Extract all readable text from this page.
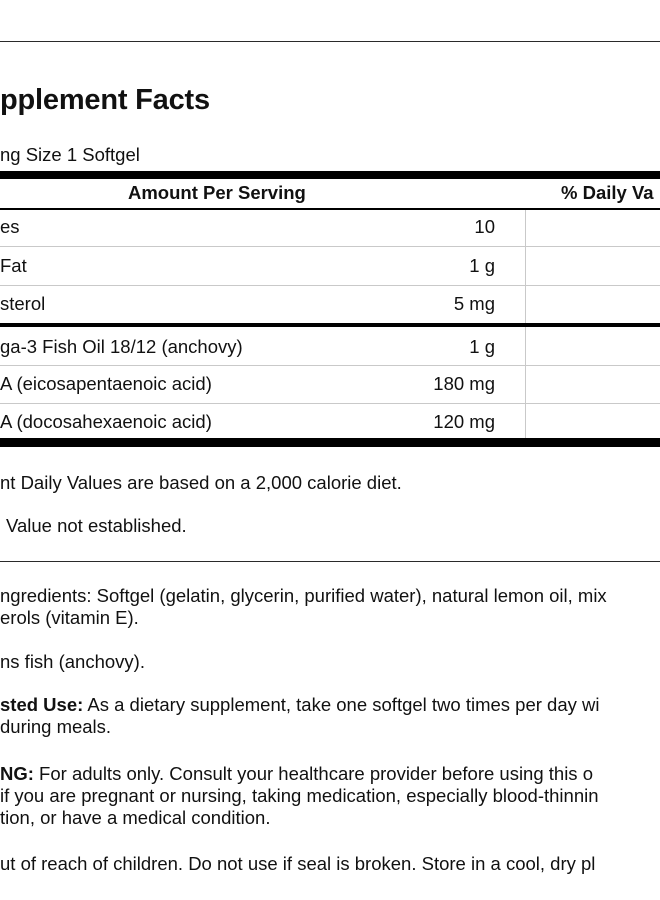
pplement Facts
ng Size 1 Softgel
Amount Per Serving	% Daily Va
es	10
Fat	1 g
sterol	5 mg
ga-3 Fish Oil 18/12 (anchovy)	1 g
A (eicosapentaenoic acid)	180 mg
A (docosahexaenoic acid)	120 mg
nt Daily Values are based on a 2,000 calorie diet.
Value not established.
ngredients: Softgel (gelatin, glycerin, purified water), natural lemon oil, mix
erols (vitamin E).
ns fish (anchovy).
sted Use: As a dietary supplement, take one softgel two times per day wi
during meals.
NG: For adults only. Consult your healthcare provider before using this o
if you are pregnant or nursing, taking medication, especially blood-thinnin
tion, or have a medical condition.
ut of reach of children. Do not use if seal is broken. Store in a cool, dry pl
